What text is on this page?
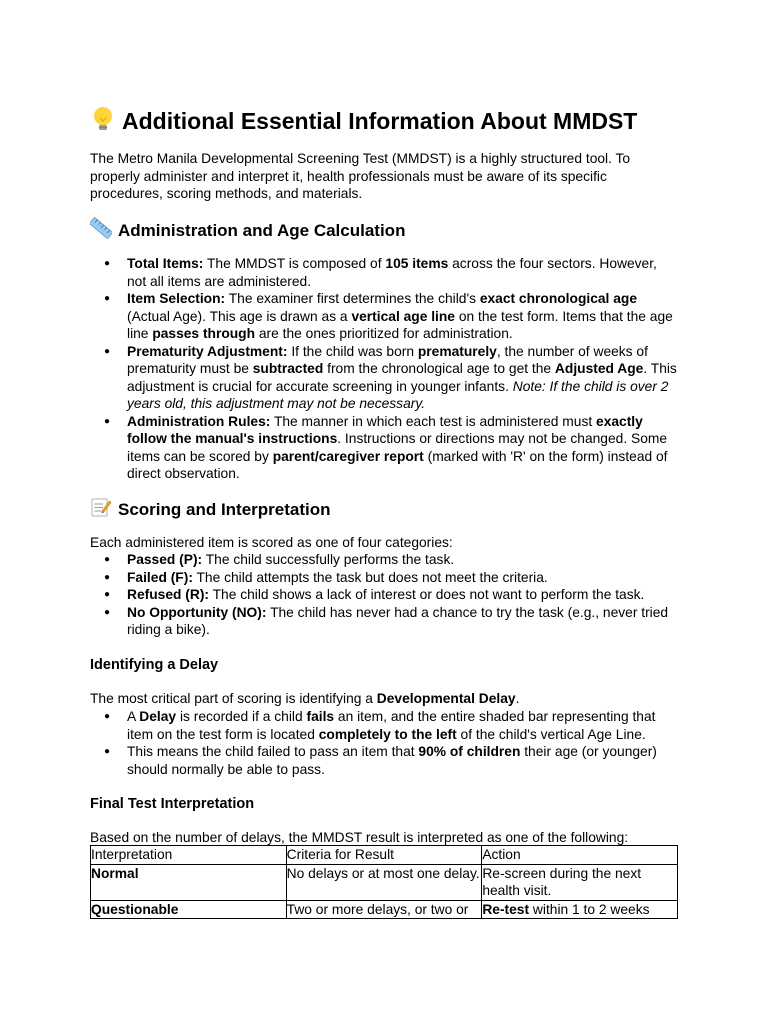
Additional Essential Information About MMDST
The Metro Manila Developmental Screening Test (MMDST) is a highly structured tool. To properly administer and interpret it, health professionals must be aware of its specific procedures, scoring methods, and materials.
Administration and Age Calculation
● Total Items: The MMDST is composed of 105 items across the four sectors. However, not all items are administered.
● Item Selection: The examiner first determines the child's exact chronological age (Actual Age). This age is drawn as a vertical age line on the test form. Items that the age line passes through are the ones prioritized for administration.
● Prematurity Adjustment: If the child was born prematurely, the number of weeks of prematurity must be subtracted from the chronological age to get the Adjusted Age. This adjustment is crucial for accurate screening in younger infants. Note: If the child is over 2 years old, this adjustment may not be necessary.
● Administration Rules: The manner in which each test is administered must exactly follow the manual's instructions. Instructions or directions may not be changed. Some items can be scored by parent/caregiver report (marked with 'R' on the form) instead of direct observation.
Scoring and Interpretation
Each administered item is scored as one of four categories:
● Passed (P): The child successfully performs the task.
● Failed (F): The child attempts the task but does not meet the criteria.
● Refused (R): The child shows a lack of interest or does not want to perform the task.
● No Opportunity (NO): The child has never had a chance to try the task (e.g., never tried riding a bike).
Identifying a Delay
The most critical part of scoring is identifying a Developmental Delay.
● A Delay is recorded if a child fails an item, and the entire shaded bar representing that item on the test form is located completely to the left of the child's vertical Age Line.
● This means the child failed to pass an item that 90% of children their age (or younger) should normally be able to pass.
Final Test Interpretation
Based on the number of delays, the MMDST result is interpreted as one of the following:
Interpretation	Criteria for Result	Action
Normal	No delays or at most one delay.	Re-screen during the next health visit.
Questionable	Two or more delays, or two or	Re-test within 1 to 2 weeks
